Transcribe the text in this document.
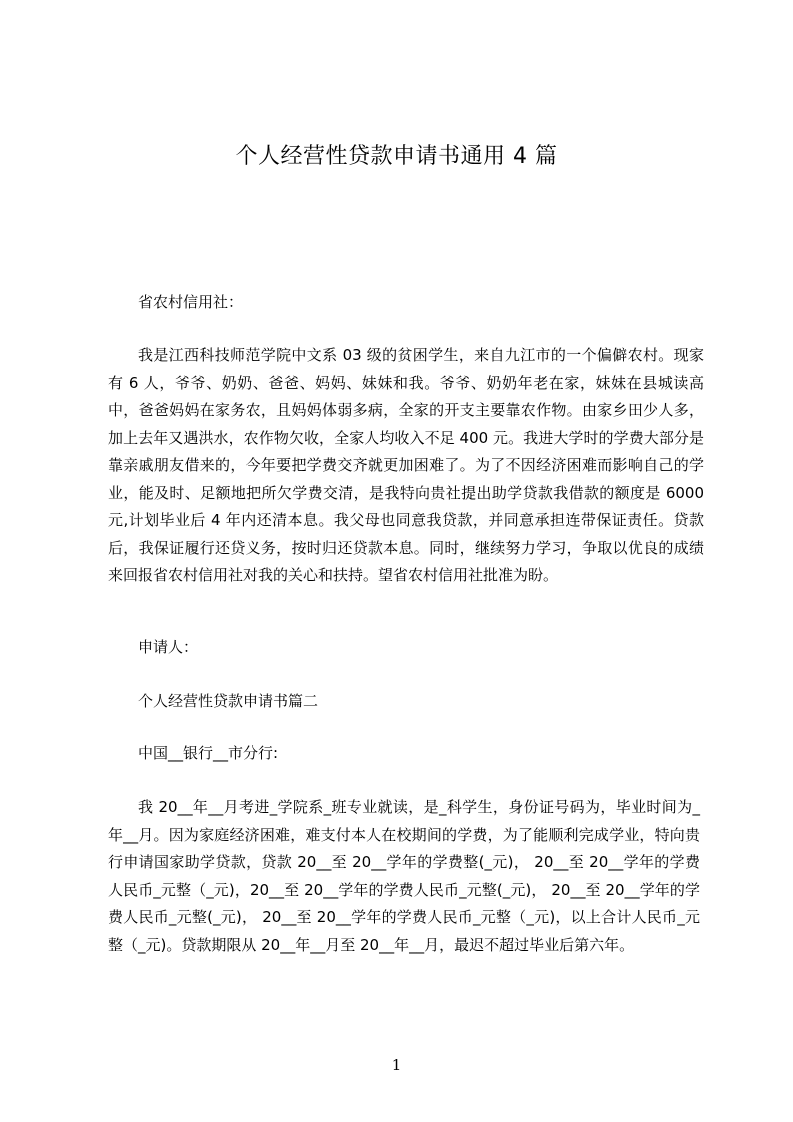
个人经营性贷款申请书通用 4 篇

省农村信用社：

我是江西科技师范学院中文系 03 级的贫困学生，来自九江市的一个偏僻农村。现家有 6 人，爷爷、奶奶、爸爸、妈妈、妹妹和我。爷爷、奶奶年老在家，妹妹在县城读高中，爸爸妈妈在家务农，且妈妈体弱多病，全家的开支主要靠农作物。由家乡田少人多，加上去年又遇洪水，农作物欠收，全家人均收入不足 400 元。我进大学时的学费大部分是靠亲戚朋友借来的，今年要把学费交齐就更加困难了。为了不因经济困难而影响自己的学业，能及时、足额地把所欠学费交清，是我特向贵社提出助学贷款我借款的额度是 6000 元,计划毕业后 4 年内还清本息。我父母也同意我贷款，并同意承担连带保证责任。贷款后，我保证履行还贷义务，按时归还贷款本息。同时，继续努力学习，争取以优良的成绩来回报省农村信用社对我的关心和扶持。望省农村信用社批准为盼。

申请人：

个人经营性贷款申请书篇二

中国__银行__市分行:

我 20__年__月考进_学院系_班专业就读，是_科学生，身份证号码为，毕业时间为_年__月。因为家庭经济困难，难支付本人在校期间的学费，为了能顺利完成学业，特向贵行申请国家助学贷款，贷款 20__至 20__学年的学费整(_元)， 20__至 20__学年的学费人民币_元整（_元)，20__至 20__学年的学费人民币_元整(_元)， 20__至 20__学年的学费人民币_元整(_元)， 20__至 20__学年的学费人民币_元整（_元)，以上合计人民币_元整（_元)。贷款期限从 20__年__月至 20__年__月，最迟不超过毕业后第六年。

1
